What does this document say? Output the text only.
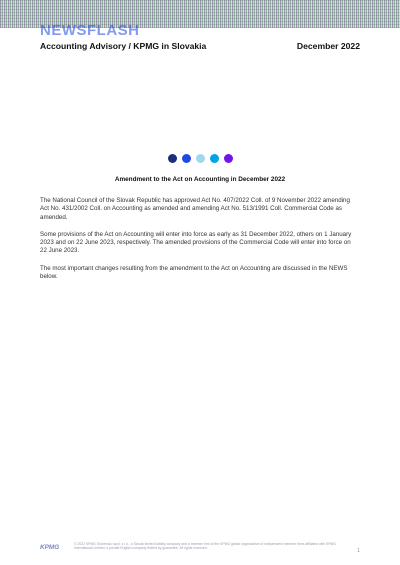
NEWSFLASH
Accounting Advisory / KPMG in Slovakia	December 2022
Amendment to the Act on Accounting in December 2022

The National Council of the Slovak Republic has approved Act No. 407/2022 Coll. of 9 November 2022 amending Act No. 431/2002 Coll. on Accounting as amended and amending Act No. 513/1991 Coll. Commercial Code as amended.

Some provisions of the Act on Accounting will enter into force as early as 31 December 2022, others on 1 January 2023 and on 22 June 2023, respectively. The amended provisions of the Commercial Code will enter into force on 22 June 2023.

The most important changes resulting from the amendment to the Act on Accounting are discussed in the NEWS below.

KPMG	© 2022 KPMG Slovensko spol. s r.o., a Slovak limited liability company and a member firm of the KPMG global organization of independent member firms affiliated with KPMG International Limited, a private English company limited by guarantee. All rights reserved.	1
